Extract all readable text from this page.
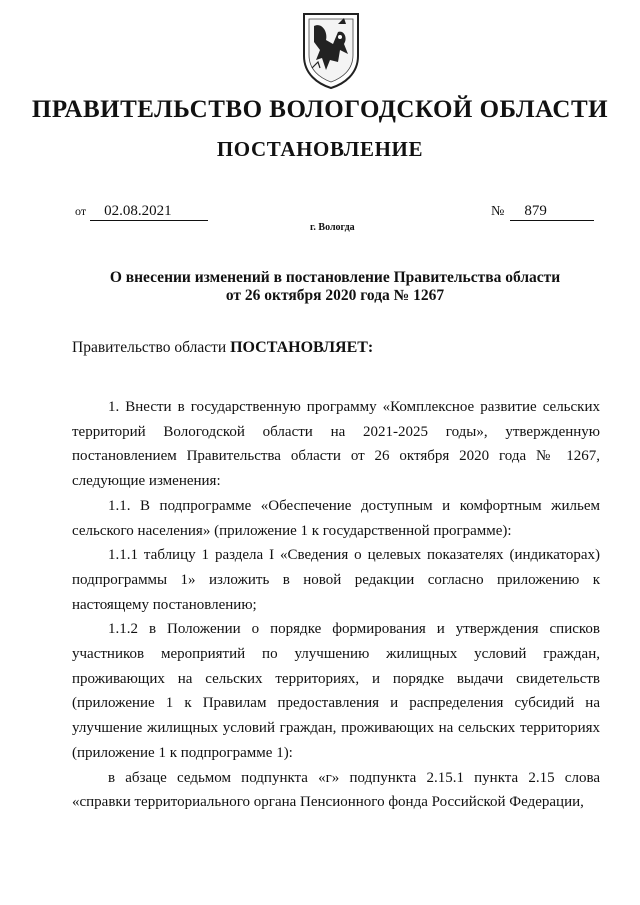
ПРАВИТЕЛЬСТВО ВОЛОГОДСКОЙ ОБЛАСТИ
ПОСТАНОВЛЕНИЕ
от 02.08.2021	№ 879
г. Вологда
О внесении изменений в постановление Правительства области
от 26 октября 2020 года № 1267
Правительство области ПОСТАНОВЛЯЕТ:

1. Внести в государственную программу «Комплексное развитие сельских территорий Вологодской области на 2021-2025 годы», утвержденную постановлением Правительства области от 26 октября 2020 года № 1267, следующие изменения:

1.1. В подпрограмме «Обеспечение доступным и комфортным жильем сельского населения» (приложение 1 к государственной программе):

1.1.1 таблицу 1 раздела I «Сведения о целевых показателях (индикаторах) подпрограммы 1» изложить в новой редакции согласно приложению к настоящему постановлению;

1.1.2 в Положении о порядке формирования и утверждения списков участников мероприятий по улучшению жилищных условий граждан, проживающих на сельских территориях, и порядке выдачи свидетельств (приложение 1 к Правилам предоставления и распределения субсидий на улучшение жилищных условий граждан, проживающих на сельских территориях (приложение 1 к подпрограмме 1):

в абзаце седьмом подпункта «г» подпункта 2.15.1 пункта 2.15 слова «справки территориального органа Пенсионного фонда Российской Федерации,
